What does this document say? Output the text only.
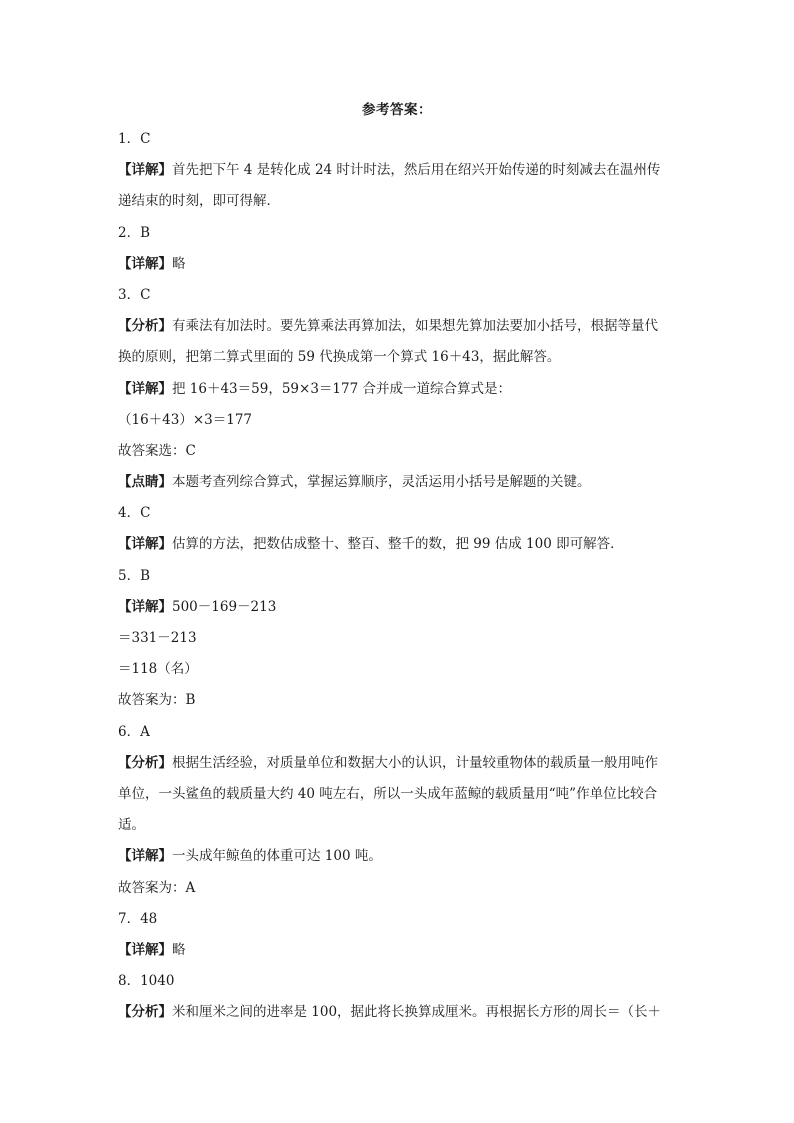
参考答案：
1．C
【详解】首先把下午 4 是转化成 24 时计时法，然后用在绍兴开始传递的时刻减去在温州传
递结束的时刻，即可得解．
2．B
【详解】略
3．C
【分析】有乘法有加法时。要先算乘法再算加法，如果想先算加法要加小括号，根据等量代
换的原则，把第二算式里面的 59 代换成第一个算式 16＋43，据此解答。
【详解】把 16＋43＝59，59×3＝177 合并成一道综合算式是：
（16＋43）×3＝177
故答案选：C
【点睛】本题考查列综合算式，掌握运算顺序，灵活运用小括号是解题的关键。
4．C
【详解】估算的方法，把数估成整十、整百、整千的数，把 99 估成 100 即可解答．
5．B
【详解】500－169－213
＝331－213
＝118（名）
故答案为：B
6．A
【分析】根据生活经验，对质量单位和数据大小的认识，计量较重物体的载质量一般用吨作
单位，一头鲨鱼的载质量大约 40 吨左右，所以一头成年蓝鲸的载质量用“吨”作单位比较合
适。
【详解】一头成年鲸鱼的体重可达 100 吨。
故答案为：A
7．48
【详解】略
8．1040
【分析】米和厘米之间的进率是 100，据此将长换算成厘米。再根据长方形的周长＝（长＋
